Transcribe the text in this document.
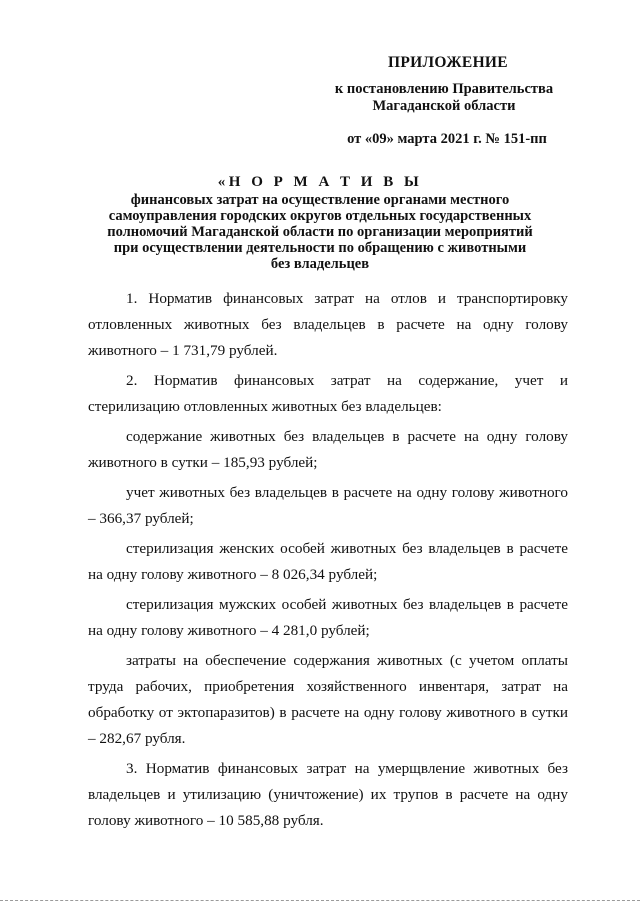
ПРИЛОЖЕНИЕ
к постановлению Правительства
Магаданской области
от «09» марта 2021 г. № 151-пп
«Н О Р М А Т И В Ы
финансовых затрат на осуществление органами местного
самоуправления городских округов отдельных государственных
полномочий Магаданской области по организации мероприятий
при осуществлении деятельности по обращению с животными
без владельцев

1. Норматив финансовых затрат на отлов и транспортировку отловленных животных без владельцев в расчете на одну голову животного – 1 731,79 рублей.

2. Норматив финансовых затрат на содержание, учет и стерилизацию отловленных животных без владельцев:

содержание животных без владельцев в расчете на одну голову животного в сутки – 185,93 рублей;

учет животных без владельцев в расчете на одну голову животного – 366,37 рублей;

стерилизация женских особей животных без владельцев в расчете на одну голову животного – 8 026,34 рублей;

стерилизация мужских особей животных без владельцев в расчете на одну голову животного – 4 281,0 рублей;

затраты на обеспечение содержания животных (с учетом оплаты труда рабочих, приобретения хозяйственного инвентаря, затрат на обработку от эктопаразитов) в расчете на одну голову животного в сутки – 282,67 рубля.

3. Норматив финансовых затрат на умерщвление животных без владельцев и утилизацию (уничтожение) их трупов в расчете на одну голову животного – 10 585,88 рубля.
